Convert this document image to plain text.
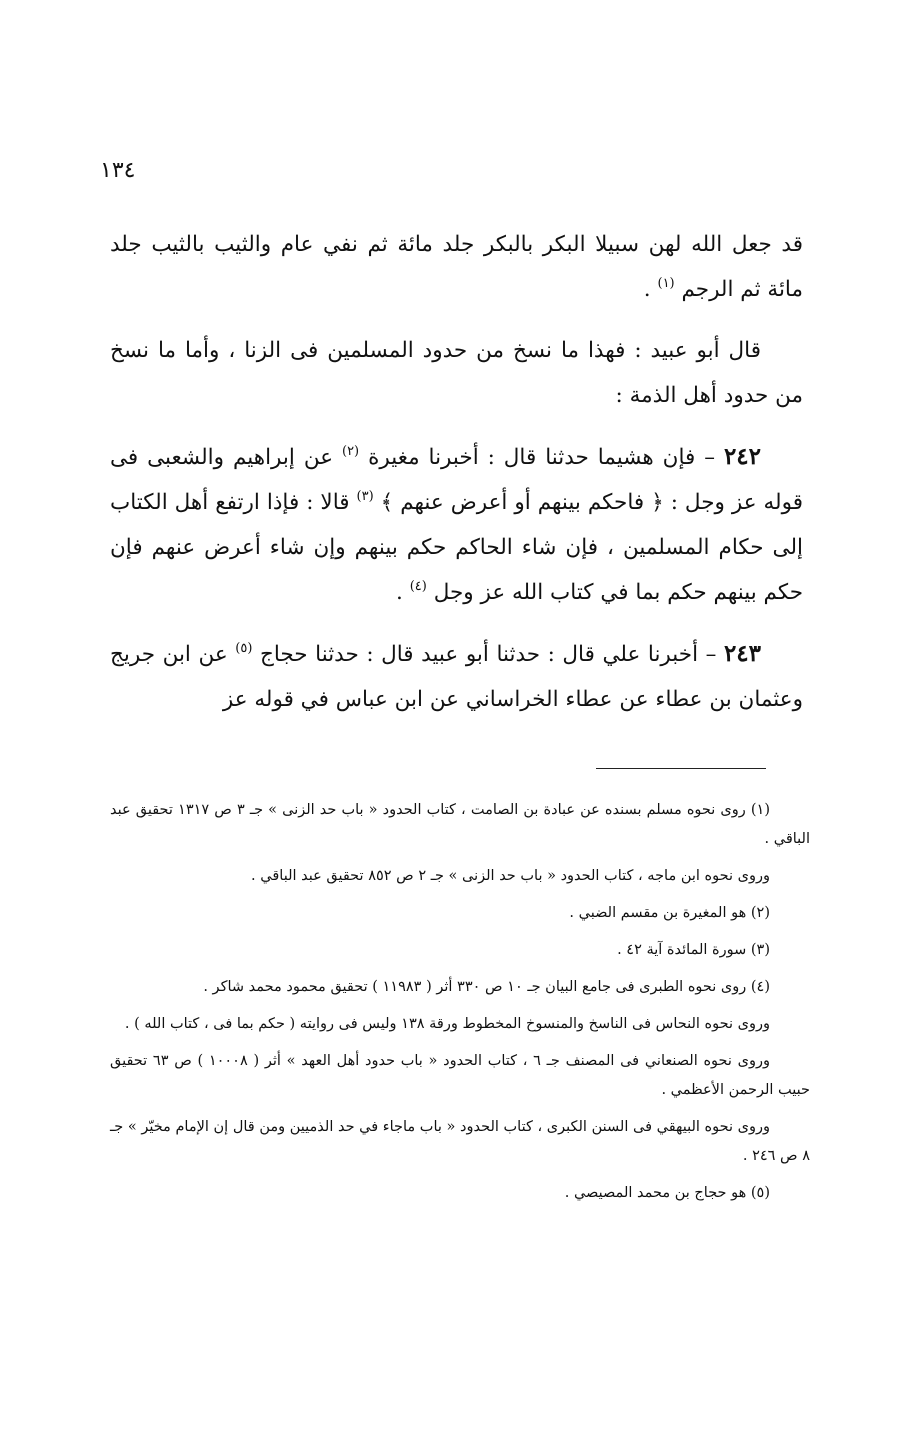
١٣٤

قد جعل الله لهن سبيلا البكر بالبكر جلد مائة ثم نفي عام والثيب بالثيب جلد مائة ثم الرجم $^{(١)}$ .

قال أبو عبيد : فهذا ما نسخ من حدود المسلمين فى الزنا ، وأما ما نسخ من حدود أهل الذمة :

٢٤٢ – فإن هشيما حدثنا قال : أخبرنا مغيرة $^{(٢)}$ عن إبراهيم والشعبى فى قوله عز وجل : ﴿ فاحكم بينهم أو أعرض عنهم ﴾ $^{(٣)}$ قالا : فإذا ارتفع أهل الكتاب إلى حكام المسلمين ، فإن شاء الحاكم حكم بينهم وإن شاء أعرض عنهم فإن حكم بينهم حكم بما في كتاب الله عز وجل $^{(٤)}$ .

٢٤٣ – أخبرنا علي قال : حدثنا أبو عبيد قال : حدثنا حجاج $^{(٥)}$ عن ابن جريج وعثمان بن عطاء عن عطاء الخراساني عن ابن عباس في قوله عز

(١) روى نحوه مسلم بسنده عن عبادة بن الصامت ، كتاب الحدود « باب حد الزنى » جـ ٣ ص ١٣١٧ تحقيق عبد الباقي .

وروى نحوه ابن ماجه ، كتاب الحدود « باب حد الزنى » جـ ٢ ص ٨٥٢ تحقيق عبد الباقي .

(٢) هو المغيرة بن مقسم الضبي .

(٣) سورة المائدة آية ٤٢ .

(٤) روى نحوه الطبرى فى جامع البيان جـ ١٠ ص ٣٣٠ أثر ( ١١٩٨٣ ) تحقيق محمود محمد شاكر .

وروى نحوه النحاس فى الناسخ والمنسوخ المخطوط ورقة ١٣٨ وليس فى روايته ( حكم بما فى ، كتاب الله ) .

وروى نحوه الصنعاني فى المصنف جـ ٦ ، كتاب الحدود « باب حدود أهل العهد » أثر ( ١٠٠٠٨ ) ص ٦٣ تحقيق حبيب الرحمن الأعظمي .

وروى نحوه البيهقي فى السنن الكبرى ، كتاب الحدود « باب ماجاء في حد الذميين ومن قال إن الإمام مخيّر » جـ ٨ ص ٢٤٦ .

(٥) هو حجاج بن محمد المصيصي .
